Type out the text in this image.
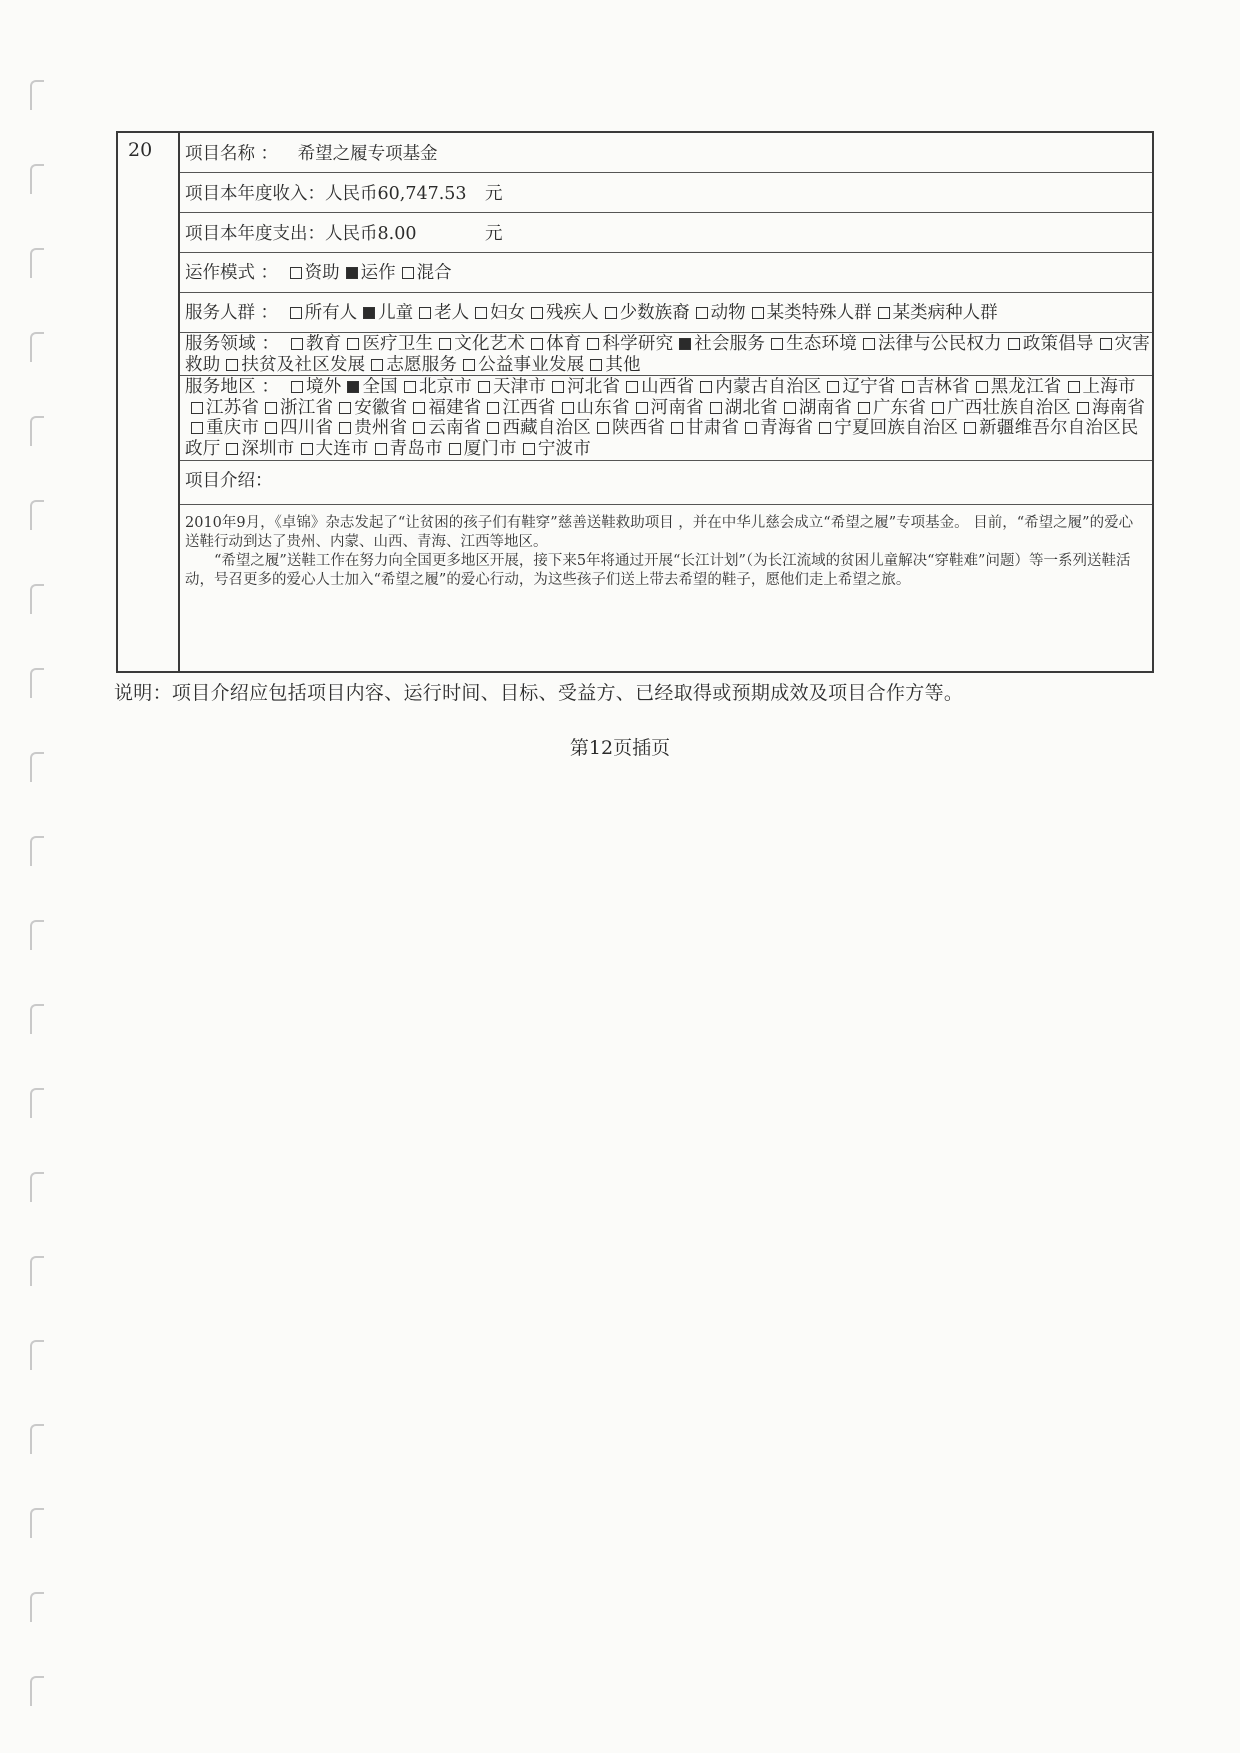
20 项目名称 ： 希望之履专项基金
项目本年度收入：人民币60,747.53 元
项目本年度支出：人民币8.00	元
运作模式 ： 资助 运作 混合
服务人群 ： 所有人 儿童 老人 妇女 残疾人 少数族裔 动物 某类特殊人群 某类病种人群
服务领域 ： 教育 医疗卫生 文化艺术 体育 科学研究 社会服务 生态环境 法律与公民权力 政策倡导 灾害救助 扶贫及社区发展 志愿服务 公益事业发展 其他
服务地区 ： 境外 全国 北京市 天津市 河北省 山西省 内蒙古自治区 辽宁省 吉林省 黑龙江省 上海市江苏省 浙江省 安徽省 福建省 江西省 山东省 河南省 湖北省 湖南省 广东省 广西壮族自治区 海南省重庆市 四川省 贵州省 云南省 西藏自治区 陕西省 甘肃省 青海省 宁夏回族自治区 新疆维吾尔自治区民政厅 深圳市 大连市 青岛市 厦门市 宁波市
项目介绍：

2010年9月，《卓锦》杂志发起了“让贫困的孩子们有鞋穿”慈善送鞋救助项目 ，并在中华儿慈会成立“希望之履”专项基金。 目前，“希望之履”的爱心送鞋行动到达了贵州、内蒙、山西、青海、江西等地区。

“希望之履”送鞋工作在努力向全国更多地区开展，接下来5年将通过开展“长江计划”（为长江流域的贫困儿童解决“穿鞋难”问题）等一系列送鞋活动，号召更多的爱心人士加入“希望之履”的爱心行动，为这些孩子们送上带去希望的鞋子，愿他们走上希望之旅。

说明：项目介绍应包括项目内容、运行时间、目标、受益方、已经取得或预期成效及项目合作方等。
第12页插页
